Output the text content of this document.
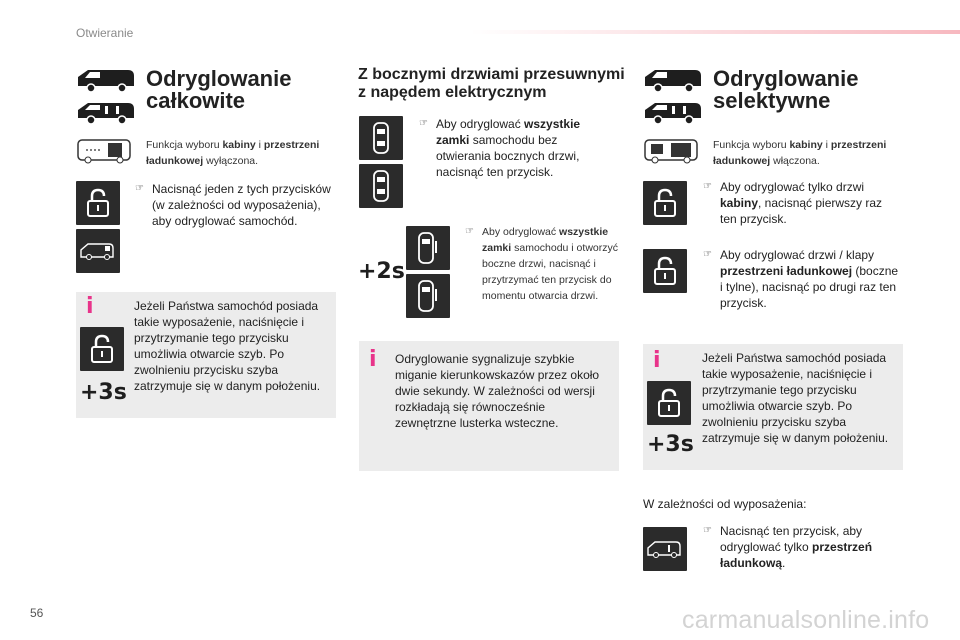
Otwieranie
56	carmanualsonline.info
Odryglowanie
całkowite
Funkcja wyboru kabiny i przestrzeni ładunkowej wyłączona.
☞ Nacisnąć jeden z tych przycisków (w zależności od wyposażenia), aby odryglować samochód.
i
+3s
Jeżeli Państwa samochód posiada takie wyposażenie, naciśnięcie i przytrzymanie tego przycisku umożliwia otwarcie szyb. Po zwolnieniu przycisku szyba zatrzymuje się w danym położeniu.
Z bocznymi drzwiami przesuwnymi
z napędem elektrycznym
☞ Aby odryglować wszystkie zamki samochodu bez otwierania bocznych drzwi, nacisnąć ten przycisk.
+2s
☞ Aby odryglować wszystkie zamki samochodu i otworzyć boczne drzwi, nacisnąć i przytrzymać ten przycisk do momentu otwarcia drzwi.
i Odryglowanie sygnalizuje szybkie miganie kierunkowskazów przez około dwie sekundy. W zależności od wersji rozkładają się równocześnie zewnętrzne lusterka wsteczne.
Odryglowanie
selektywne
Funkcja wyboru kabiny i przestrzeni ładunkowej włączona.
☞ Aby odryglować tylko drzwi kabiny, nacisnąć pierwszy raz ten przycisk.
☞ Aby odryglować drzwi / klapy przestrzeni ładunkowej (boczne i tylne), nacisnąć po drugi raz ten przycisk.
i
+3s
Jeżeli Państwa samochód posiada takie wyposażenie, naciśnięcie i przytrzymanie tego przycisku umożliwia otwarcie szyb. Po zwolnieniu przycisku szyba zatrzymuje się w danym położeniu.
W zależności od wyposażenia:
☞ Nacisnąć ten przycisk, aby odryglować tylko przestrzeń ładunkową.
